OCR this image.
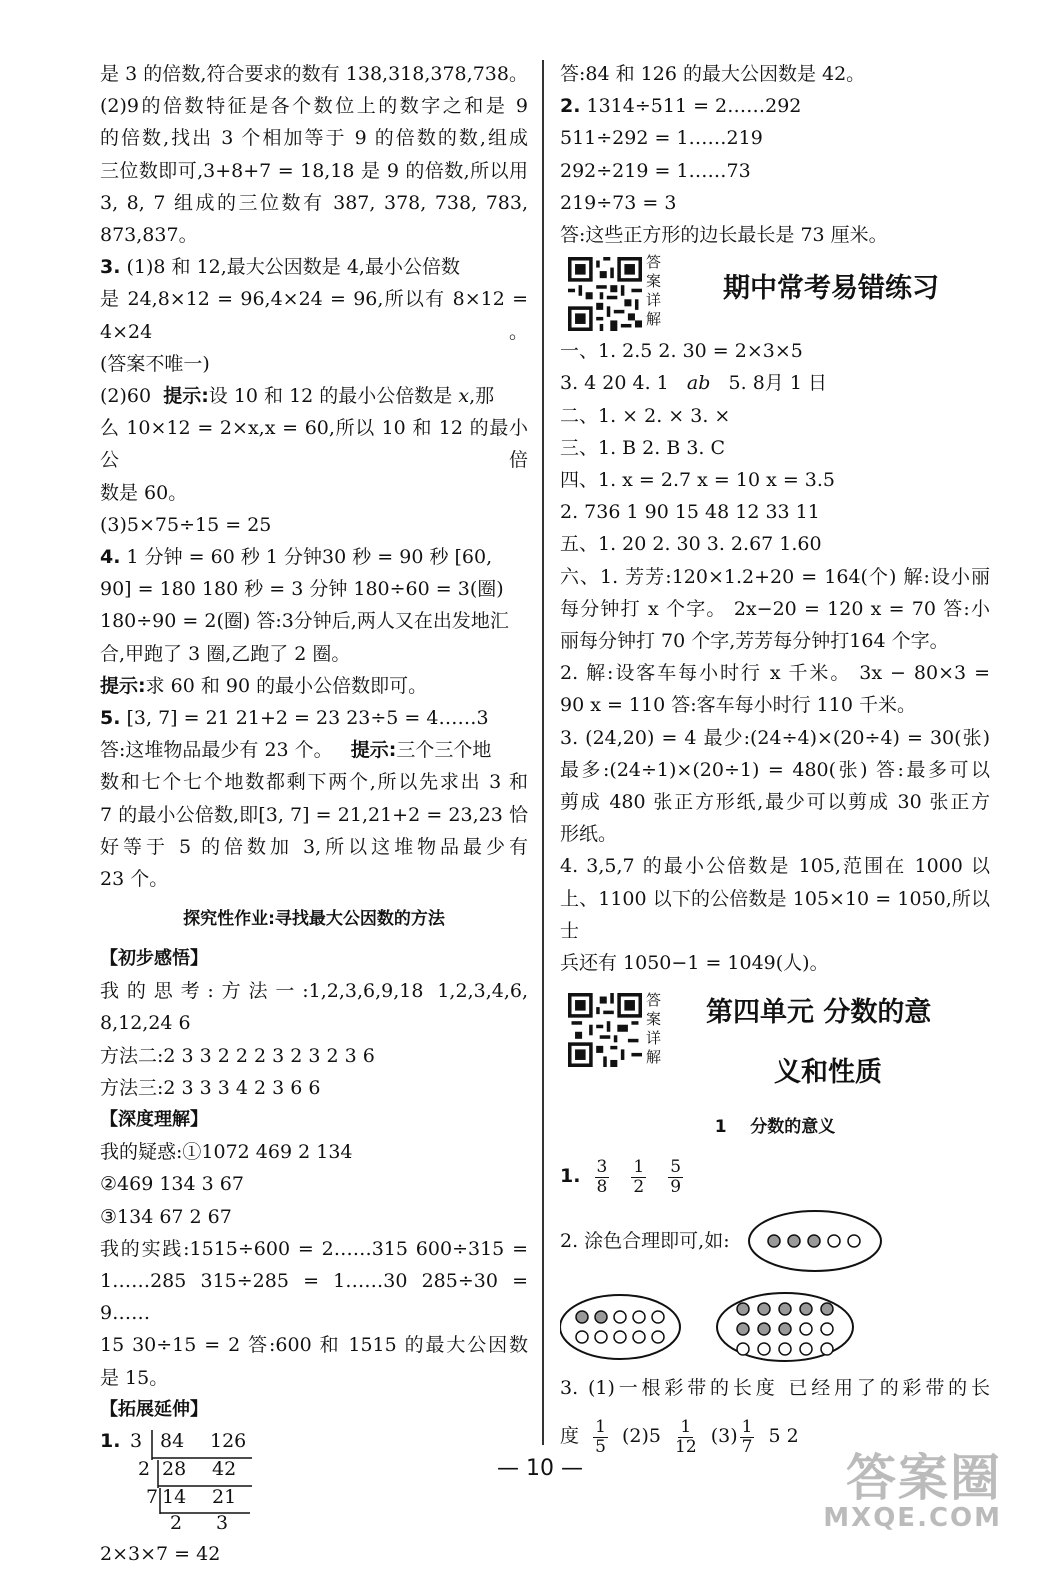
是 3 的倍数,符合要求的数有 138,318,378,738。
(2)9的倍数特征是各个数位上的数字之和是 9
的倍数,找出 3 个相加等于 9 的倍数的数,组成
三位数即可,3+8+7 = 18,18 是 9 的倍数,所以用
3, 8, 7 组成的三位数有 387, 378, 738, 783,
873,837。
3. (1)8 和 12,最大公因数是 4,最小公倍数
是 24,8×12 = 96,4×24 = 96,所以有 8×12 = 4×24。
(答案不唯一)
(2)60 提示:设 10 和 12 的最小公倍数是 x,那
么 10×12 = 2×x,x = 60,所以 10 和 12 的最小公倍
数是 60。
(3)5×75÷15 = 25
4. 1 分钟 = 60 秒 1 分钟30 秒 = 90 秒 [60,
90] = 180 180 秒 = 3 分钟 180÷60 = 3(圈)
180÷90 = 2(圈) 答:3分钟后,两人又在出发地汇
合,甲跑了 3 圈,乙跑了 2 圈。
提示:求 60 和 90 的最小公倍数即可。
5. [3, 7] = 21 21+2 = 23 23÷5 = 4……3
答:这堆物品最少有 23 个。 提示:三个三个地
数和七个七个地数都剩下两个,所以先求出 3 和
7 的最小公倍数,即[3, 7] = 21,21+2 = 23,23 恰
好等于 5 的倍数加 3,所以这堆物品最少有
23 个。
探究性作业:寻找最大公因数的方法
【初步感悟】
我的思考:方法一:1,2,3,6,9,18 1,2,3,4,6,
8,12,24 6
方法二:2 3 3 2 2 2 3 2 3 2 3 6
方法三:2 3 3 3 4 2 3 6 6
【深度理解】
我的疑惑:①1072 469 2 134
②469 134 3 67
③134 67 2 67
我的实践:1515÷600 = 2……315 600÷315 =
1……285 315÷285 = 1……30 285÷30 = 9……
15 30÷15 = 2 答:600 和 1515 的最大公因数
是 15。
【拓展延伸】
1. 3 84 126
2 28 42
7 14 21
2 3
2×3×7 = 42
答:84 和 126 的最大公因数是 42。
2. 1314÷511 = 2……292
511÷292 = 1……219
292÷219 = 1……73
219÷73 = 3
答:这些正方形的边长最长是 73 厘米。
答案详解
期中常考易错练习
一、1. 2.5 2. 30 = 2×3×5
3. 4 20 4. 1 ab 5. 8月 1 日
二、1. × 2. × 3. ×
三、1. B 2. B 3. C
四、1. x = 2.7 x = 10 x = 3.5
2. 736 1 90 15 48 12 33 11
五、1. 20 2. 30 3. 2.67 1.60
六、1. 芳芳:120×1.2+20 = 164(个) 解:设小丽
每分钟打 x 个字。 2x−20 = 120 x = 70 答:小
丽每分钟打 70 个字,芳芳每分钟打164 个字。
2. 解:设客车每小时行 x 千米。 3x − 80×3 =
90 x = 110 答:客车每小时行 110 千米。
3. (24,20) = 4 最少:(24÷4)×(20÷4) = 30(张)
最多:(24÷1)×(20÷1) = 480(张) 答:最多可以
剪成 480 张正方形纸,最少可以剪成 30 张正方
形纸。
4. 3,5,7 的最小公倍数是 105,范围在 1000 以
上、1100 以下的公倍数是 105×10 = 1050,所以士
兵还有 1050−1 = 1049(人)。
答案详解
第四单元 分数的意
义和性质
1 分数的意义
1. $\frac{3}{8}$
$\frac{1}{2}$
$\frac{5}{9}$
2. 涂色合理即可,如:
3. (1)一根彩带的长度 已经用了的彩带的长
度 $\frac{1}{5} (2)5 \frac{1}{12} (3) \frac{1}{7} 5$ 2
— 10 —	答案圈
MXQE.COM
